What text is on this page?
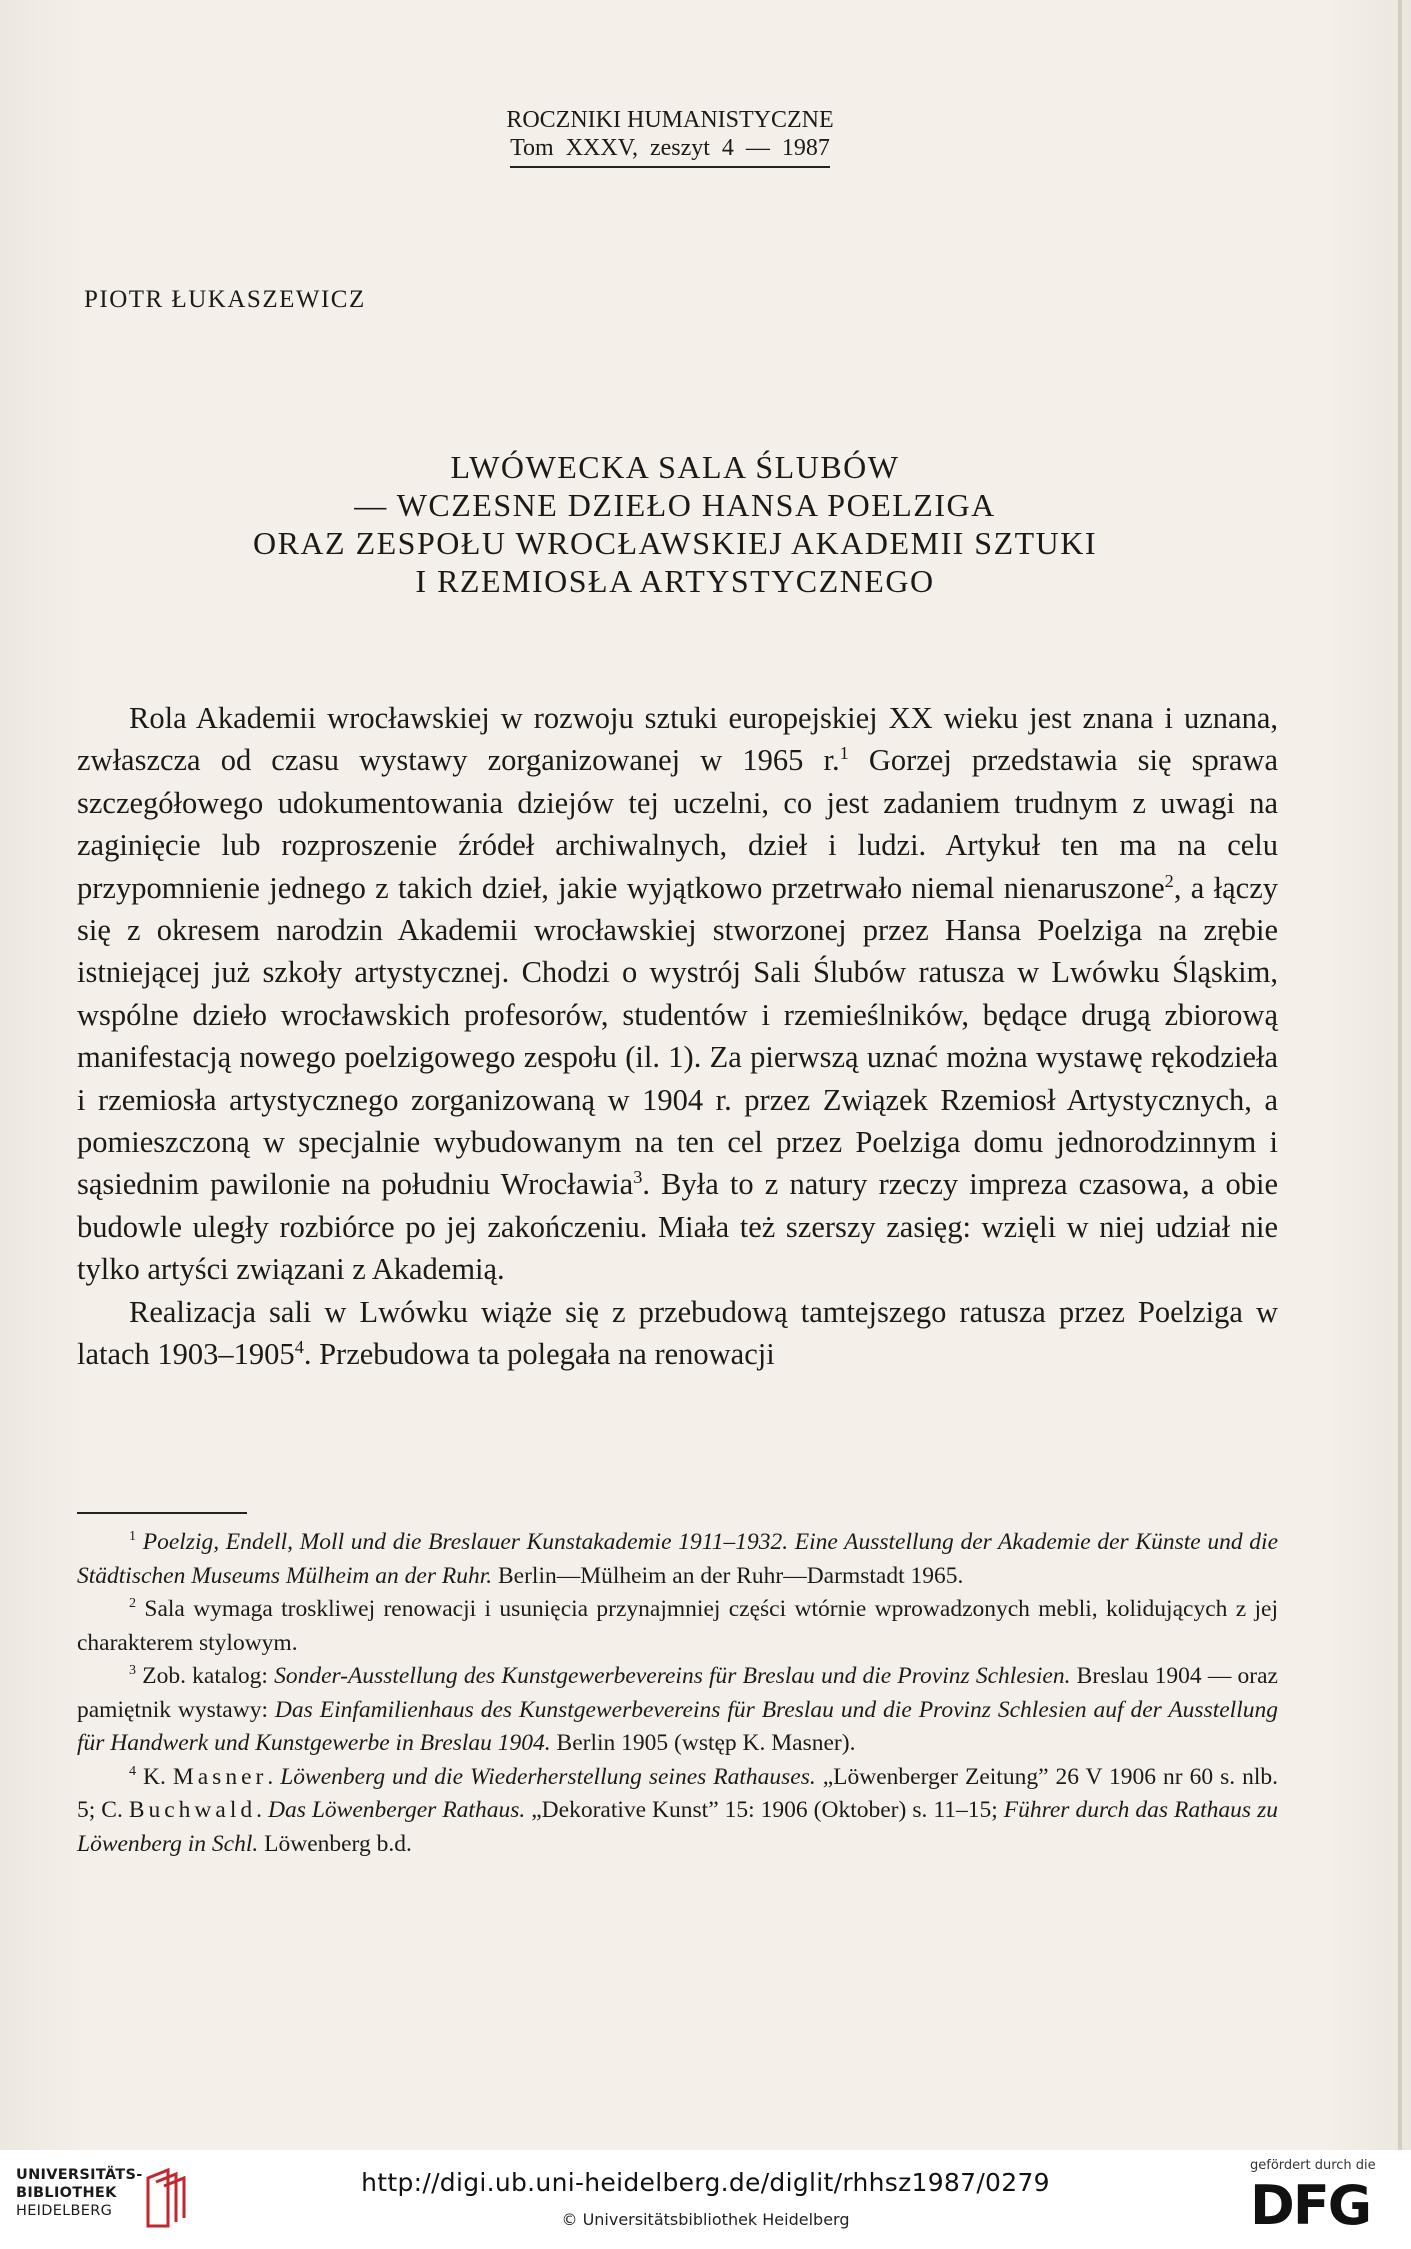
ROCZNIKI HUMANISTYCZNE
Tom XXXV, zeszyt 4 — 1987
PIOTR ŁUKASZEWICZ
LWÓWECKA SALA ŚLUBÓW
— WCZESNE DZIEŁO HANSA POELZIGA
ORAZ ZESPOŁU WROCŁAWSKIEJ AKADEMII SZTUKI
I RZEMIOSŁA ARTYSTYCZNEGO

Rola Akademii wrocławskiej w rozwoju sztuki europejskiej XX wieku jest znana i uznana, zwłaszcza od czasu wystawy zorganizowanej w 1965 r.$^1$ Gorzej przedstawia się sprawa szczegółowego udokumentowania dziejów tej uczelni, co jest zadaniem trudnym z uwagi na zaginięcie lub rozproszenie źródeł archiwalnych, dzieł i ludzi. Artykuł ten ma na celu przypomnienie jednego z takich dzieł, jakie wyjątkowo przetrwało niemal nienaruszone$^2$, a łączy się z okresem narodzin Akademii wrocławskiej stworzonej przez Hansa Poelziga na zrębie istniejącej już szkoły artystycznej. Chodzi o wystrój Sali Ślubów ratusza w Lwówku Śląskim, wspólne dzieło wrocławskich profesorów, studentów i rzemieślników, będące drugą zbiorową manifestacją nowego poelzigowego zespołu (il. 1). Za pierwszą uznać można wystawę rękodzieła i rzemiosła artystycznego zorganizowaną w 1904 r. przez Związek Rzemiosł Artystycznych, a pomieszczoną w specjalnie wybudowanym na ten cel przez Poelziga domu jednorodzinnym i sąsiednim pawilonie na południu Wrocławia$^3$. Była to z natury rzeczy impreza czasowa, a obie budowle uległy rozbiórce po jej zakończeniu. Miała też szerszy zasięg: wzięli w niej udział nie tylko artyści związani z Akademią.

Realizacja sali w Lwówku wiąże się z przebudową tamtejszego ratusza przez Poelziga w latach 1903–1905$^4$. Przebudowa ta polegała na renowacji

$^1$ Poelzig, Endell, Moll und die Breslauer Kunstakademie 1911–1932. Eine Ausstellung der Akademie der Künste und die Städtischen Museums Mülheim an der Ruhr. Berlin—Mülheim an der Ruhr—Darmstadt 1965.

$^2$ Sala wymaga troskliwej renowacji i usunięcia przynajmniej części wtórnie wprowadzonych mebli, kolidujących z jej charakterem stylowym.

$^3$ Zob. katalog: Sonder-Ausstellung des Kunstgewerbevereins für Breslau und die Provinz Schlesien. Breslau 1904 — oraz pamiętnik wystawy: Das Einfamilienhaus des Kunstgewerbevereins für Breslau und die Provinz Schlesien auf der Ausstellung für Handwerk und Kunstgewerbe in Breslau 1904. Berlin 1905 (wstęp K. Masner).

$^4$ K. Masner. Löwenberg und die Wiederherstellung seines Rathauses. „Löwenberger Zeitung” 26 V 1906 nr 60 s. nlb. 5; C. Buchwald. Das Löwenberger Rathaus. „Dekorative Kunst” 15: 1906 (Oktober) s. 11–15; Führer durch das Rathaus zu Löwenberg in Schl. Löwenberg b.d.

UNIVERSITÄTS-
BIBLIOTHEK
HEIDELBERG
http://digi.ub.uni-heidelberg.de/diglit/rhhsz1987/0279
© Universitätsbibliothek Heidelberg
gefördert durch die
DFG
